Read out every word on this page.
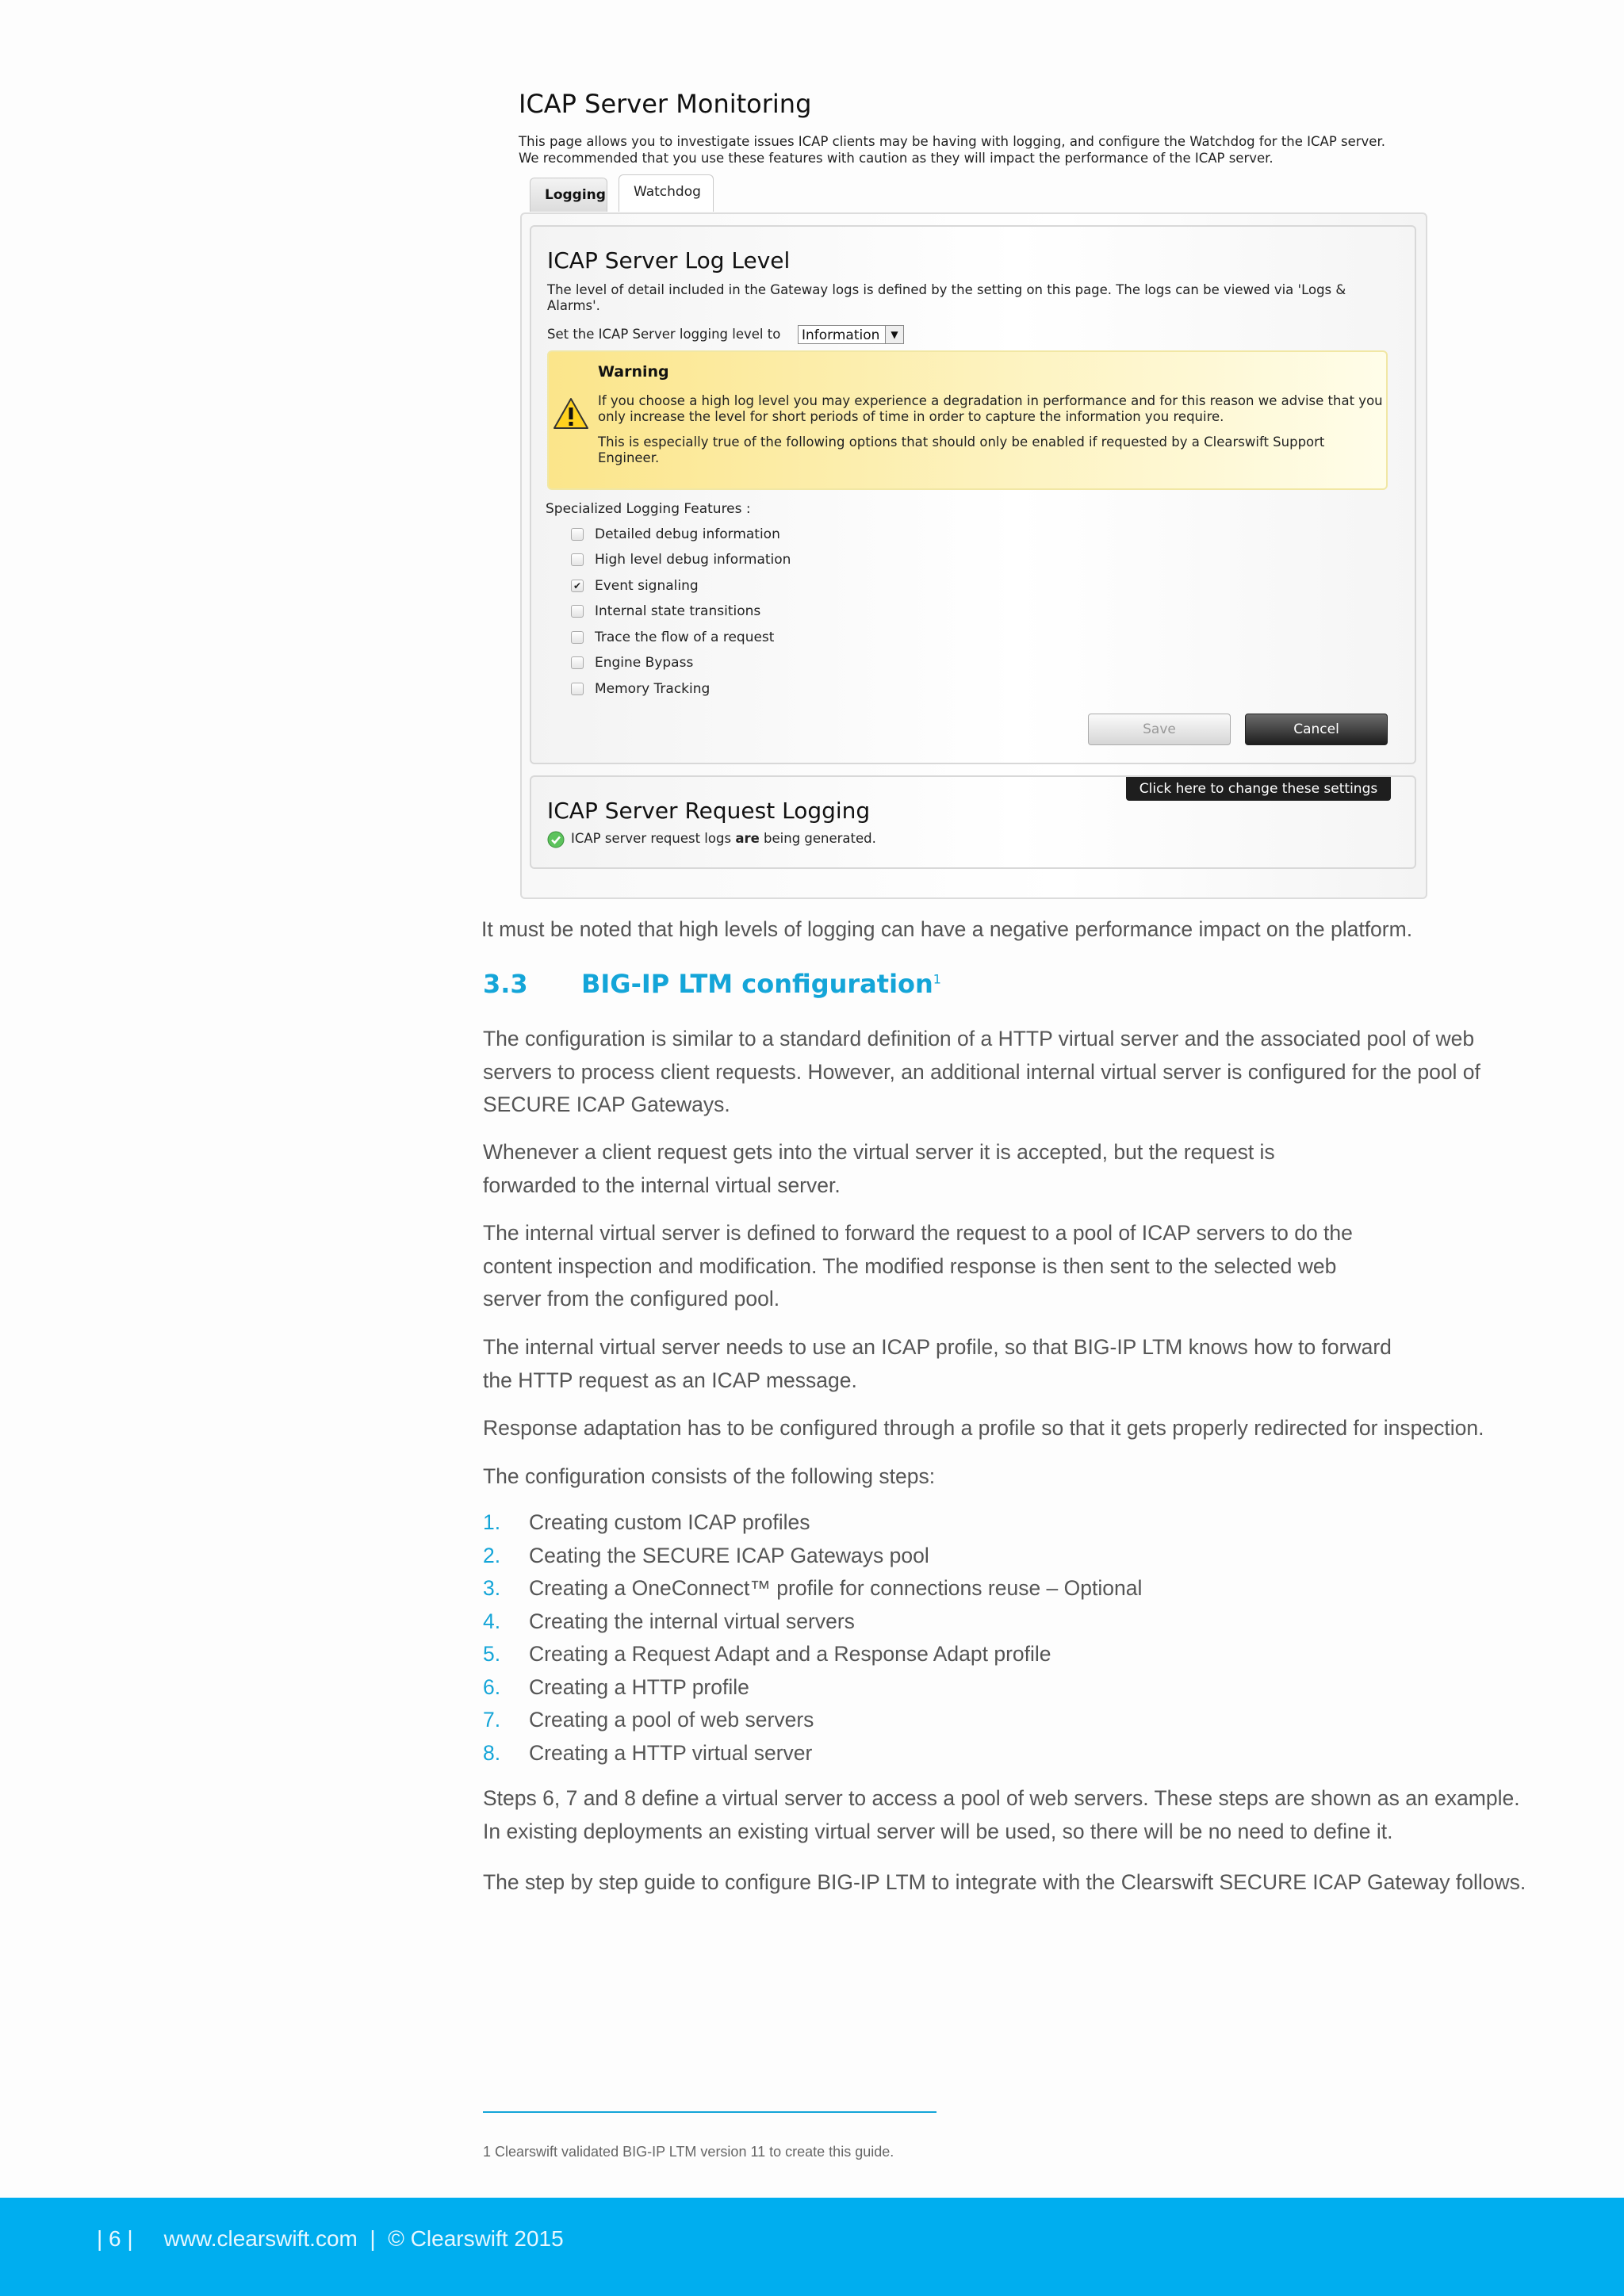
ICAP Server Monitoring
This page allows you to investigate issues ICAP clients may be having with logging, and configure the Watchdog for the ICAP server.
We recommended that you use these features with caution as they will impact the performance of the ICAP server.
Logging	Watchdog
ICAP Server Log Level
The level of detail included in the Gateway logs is defined by the setting on this page. The logs can be viewed via 'Logs & Alarms'.
Set the ICAP Server logging level to Information	▼
Warning
If you choose a high log level you may experience a degradation in performance and for this reason we advise that you only increase the level for short periods of time in order to capture the information you require.
This is especially true of the following options that should only be enabled if requested by a Clearswift Support Engineer.
Specialized Logging Features :
Detailed debug information
High level debug information
✔ Event signaling
Internal state transitions
Trace the flow of a request
Engine Bypass
Memory Tracking
Save	Cancel
Click here to change these settings
ICAP Server Request Logging
ICAP server request logs are being generated.

It must be noted that high levels of logging can have a negative performance impact on the platform.

3.3 BIG-IP LTM configuration$^1$

The configuration is similar to a standard definition of a HTTP virtual server and the associated pool of web servers to process client requests. However, an additional internal virtual server is configured for the pool of SECURE ICAP Gateways.

Whenever a client request gets into the virtual server it is accepted, but the request is forwarded to the internal virtual server.

The internal virtual server is defined to forward the request to a pool of ICAP servers to do the content inspection and modification. The modified response is then sent to the selected web server from the configured pool.

The internal virtual server needs to use an ICAP profile, so that BIG-IP LTM knows how to forward the HTTP request as an ICAP message.

Response adaptation has to be configured through a profile so that it gets properly redirected for inspection.

The configuration consists of the following steps:

1. Creating custom ICAP profiles
2. Ceating the SECURE ICAP Gateways pool
3. Creating a OneConnect™ profile for connections reuse – Optional
4. Creating the internal virtual servers
5. Creating a Request Adapt and a Response Adapt profile
6. Creating a HTTP profile
7. Creating a pool of web servers
8. Creating a HTTP virtual server

Steps 6, 7 and 8 define a virtual server to access a pool of web servers. These steps are shown as an example. In existing deployments an existing virtual server will be used, so there will be no need to define it.

The step by step guide to configure BIG-IP LTM to integrate with the Clearswift SECURE ICAP Gateway follows.

1 Clearswift validated BIG-IP LTM version 11 to create this guide.
| 6 | www.clearswift.com | © Clearswift 2015
